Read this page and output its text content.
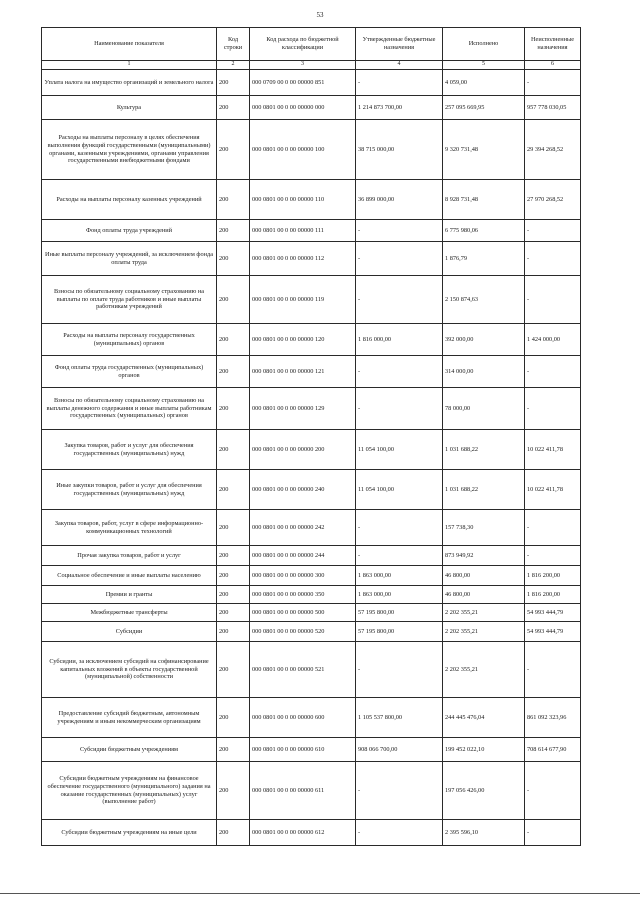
53
Наименование показателя	Код строки	Код расхода по бюджетной классификации	Утвержденные бюджетные назначения	Исполнено	Неисполненные назначения
1	2	3	4	5	6
Уплата налога на имущество организаций и земельного налога	200	000 0709 00 0 00 00000 851	-	4 059,00	-
Культура	200	000 0801 00 0 00 00000 000	1 214 873 700,00	257 095 669,95	957 778 030,05
Расходы на выплаты персоналу в целях обеспечения выполнения функций государственными (муниципальными) органами, казенными учреждениями, органами управления государственными внебюджетными фондами	200	000 0801 00 0 00 00000 100	38 715 000,00	9 320 731,48	29 394 268,52
Расходы на выплаты персоналу казенных учреждений	200	000 0801 00 0 00 00000 110	36 899 000,00	8 928 731,48	27 970 268,52
Фонд оплаты труда учреждений	200	000 0801 00 0 00 00000 111	-	6 775 980,06	-
Иные выплаты персоналу учреждений, за исключением фонда оплаты труда	200	000 0801 00 0 00 00000 112	-	1 876,79	-
Взносы по обязательному социальному страхованию на выплаты по оплате труда работников и иные выплаты работникам учреждений	200	000 0801 00 0 00 00000 119	-	2 150 874,63	-
Расходы на выплаты персоналу государственных (муниципальных) органов	200	000 0801 00 0 00 00000 120	1 816 000,00	392 000,00	1 424 000,00
Фонд оплаты труда государственных (муниципальных) органов	200	000 0801 00 0 00 00000 121	-	314 000,00	-
Взносы по обязательному социальному страхованию на выплаты денежного содержания и иные выплаты работникам государственных (муниципальных) органов	200	000 0801 00 0 00 00000 129	-	78 000,00	-
Закупка товаров, работ и услуг для обеспечения государственных (муниципальных) нужд	200	000 0801 00 0 00 00000 200	11 054 100,00	1 031 688,22	10 022 411,78
Иные закупки товаров, работ и услуг для обеспечения государственных (муниципальных) нужд	200	000 0801 00 0 00 00000 240	11 054 100,00	1 031 688,22	10 022 411,78
Закупка товаров, работ, услуг в сфере информационно-коммуникационных технологий	200	000 0801 00 0 00 00000 242	-	157 738,30	-
Прочая закупка товаров, работ и услуг	200	000 0801 00 0 00 00000 244	-	873 949,92	-
Социальное обеспечение и иные выплаты населению	200	000 0801 00 0 00 00000 300	1 863 000,00	46 800,00	1 816 200,00
Премии и гранты	200	000 0801 00 0 00 00000 350	1 863 000,00	46 800,00	1 816 200,00
Межбюджетные трансферты	200	000 0801 00 0 00 00000 500	57 195 800,00	2 202 355,21	54 993 444,79
Субсидии	200	000 0801 00 0 00 00000 520	57 195 800,00	2 202 355,21	54 993 444,79
Субсидии, за исключением субсидий на софинансирование капитальных вложений в объекты государственной (муниципальной) собственности	200	000 0801 00 0 00 00000 521	-	2 202 355,21	-
Предоставление субсидий бюджетным, автономным учреждениям и иным некоммерческим организациям	200	000 0801 00 0 00 00000 600	1 105 537 800,00	244 445 476,04	861 092 323,96
Субсидии бюджетным учреждениям	200	000 0801 00 0 00 00000 610	908 066 700,00	199 452 022,10	708 614 677,90
Субсидии бюджетным учреждениям на финансовое обеспечение государственного (муниципального) задания на оказание государственных (муниципальных) услуг (выполнение работ)	200	000 0801 00 0 00 00000 611	-	197 056 426,00	-
Субсидии бюджетным учреждениям на иные цели	200	000 0801 00 0 00 00000 612	-	2 395 596,10	-
